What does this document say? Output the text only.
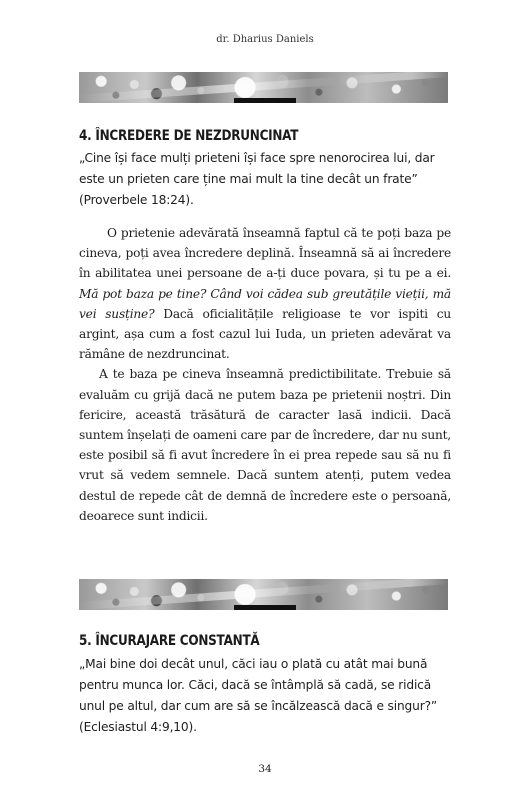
dr. Dharius Daniels
4. ÎNCREDERE DE NEZDRUNCINAT

„Cine își face mulți prieteni își face spre nenorocirea lui, dar este un prieten care ține mai mult la tine decât un frate” (Proverbele 18:24).

O prietenie adevărată înseamnă faptul că te poți baza pe cineva, poți avea încredere deplină. Înseamnă să ai încredere în abilitatea unei persoane de a-ți duce povara, și tu pe a ei. Mă pot baza pe tine? Când voi cădea sub greutățile vieții, mă vei susține? Dacă oficialitățile religioase te vor ispiti cu argint, așa cum a fost cazul lui Iuda, un prieten adevărat va rămâne de nezdruncinat.

A te baza pe cineva înseamnă predictibilitate. Trebuie să evaluăm cu grijă dacă ne putem baza pe prietenii noștri. Din fericire, această trăsătură de caracter lasă indicii. Dacă suntem înșelați de oameni care par de încredere, dar nu sunt, este posibil să fi avut încredere în ei prea repede sau să nu fi vrut să vedem semnele. Dacă suntem atenți, putem vedea destul de repede cât de demnă de încredere este o persoană, deoarece sunt indicii.

5. ÎNCURAJARE CONSTANTĂ

„Mai bine doi decât unul, căci iau o plată cu atât mai bună pentru munca lor. Căci, dacă se întâmplă să cadă, se ridică unul pe altul, dar cum are să se încălzească dacă e singur?” (Eclesiastul 4:9,10).

34
